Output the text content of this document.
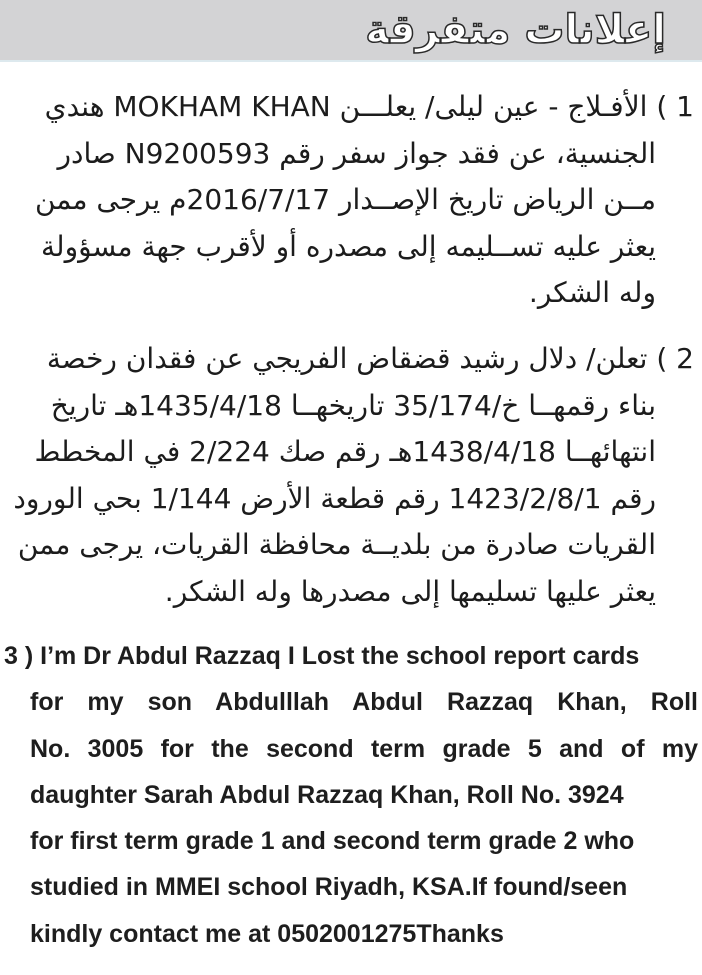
إعلانات متفرقة
1 ) الأفـلاج - عين ليلى/ يعلـــن MOKHAM KHAN هندي
الجنسية، عن فقد جواز سفر رقم N9200593 صادر
مــن الرياض تاريخ الإصــدار 2016/7/17م يرجى ممن
يعثر عليه تســليمه إلى مصدره أو لأقرب جهة مسؤولة
وله الشكر.
2 ) تعلن/ دلال رشيد قضقاض الفريجي عن فقدان رخصة
بناء رقمهــا خ/35/174 تاريخهــا 1435/4/18هـ تاريخ
انتهائهــا 1438/4/18هـ رقم صك 2/224 في المخطط
رقم 1423/2/8/1 رقم قطعة الأرض 1/144 بحي الورود
القريات صادرة من بلديــة محافظة القريات، يرجى ممن
يعثر عليها تسليمها إلى مصدرها وله الشكر.
3 ) I’m Dr Abdul Razzaq I Lost the school report cards
for my son Abdulllah Abdul Razzaq Khan, Roll
No. 3005 for the second term grade 5 and of my
daughter Sarah Abdul Razzaq Khan, Roll No. 3924
for first term grade 1 and second term grade 2 who
studied in MMEI school Riyadh, KSA.If found/seen
kindly contact me at 0502001275Thanks
